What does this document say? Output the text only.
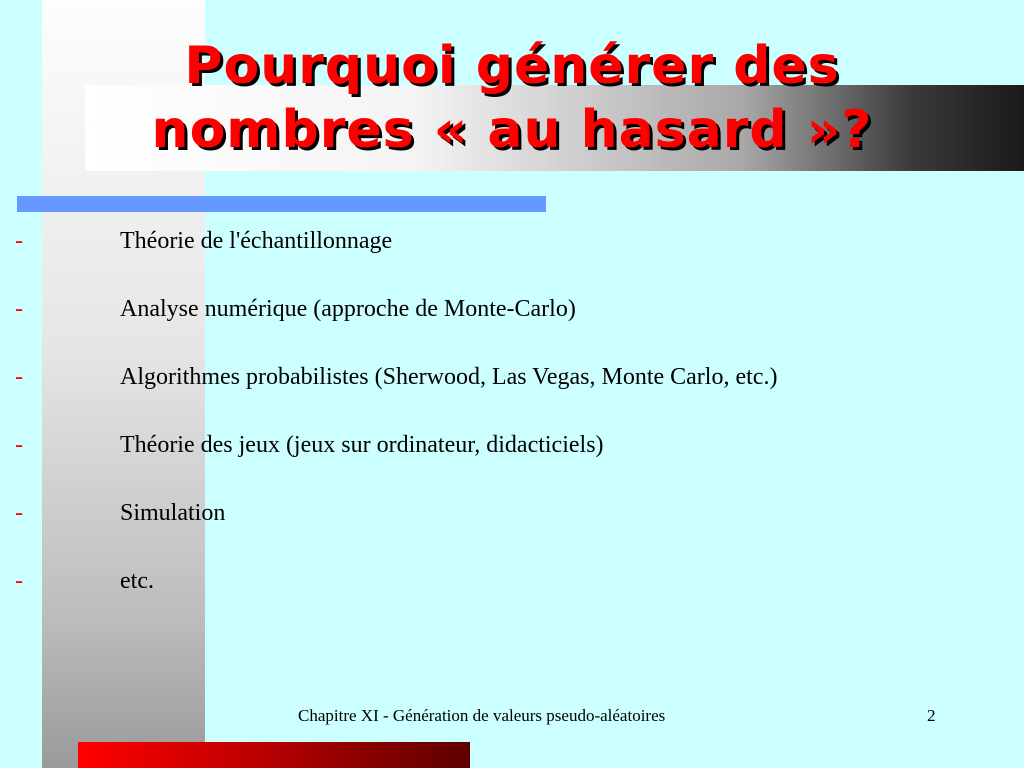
Pourquoi générer des
nombres « au hasard »?
-	Théorie de l'échantillonnage
-	Analyse numérique (approche de Monte-Carlo)
-	Algorithmes probabilistes (Sherwood, Las Vegas, Monte Carlo, etc.)
-	Théorie des jeux (jeux sur ordinateur, didacticiels)
-	Simulation
-	etc.
Chapitre XI - Génération de valeurs pseudo-aléatoires	2
